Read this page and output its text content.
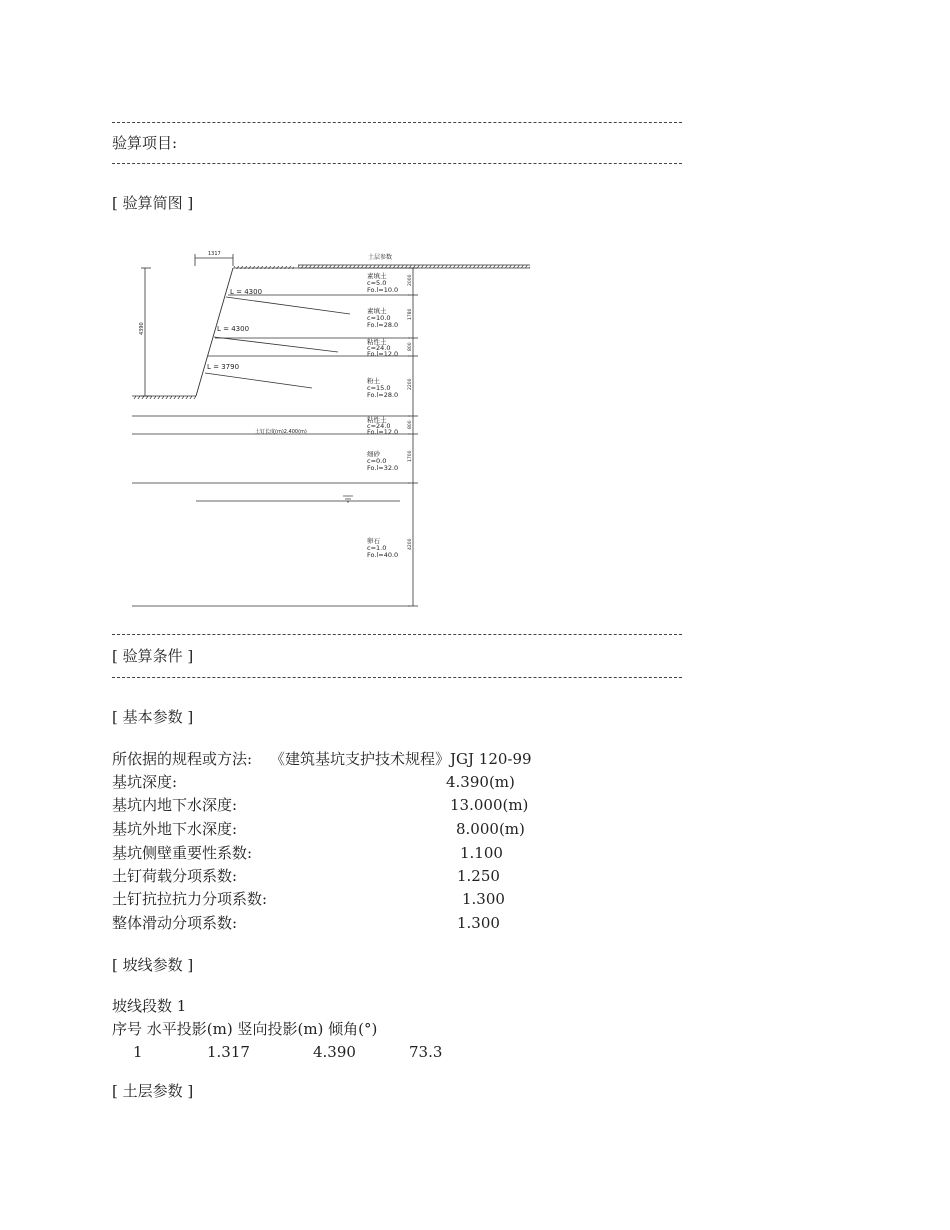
验算项目:
[ 验算简图 ]
1317
4390
土层参数
L = 4300
L = 4300
L = 3790
土钉长度(m)2.400(m)
2000
1780
800
2200
800
1700
4200
素填土
c=5.0
Fo.l=10.0
素填土
c=10.0
Fo.l=28.0
粘性土
c=24.0
Fo.l=12.0
粉土
c=15.0
Fo.l=28.0
粘性土
c=24.0
Fo.l=12.0
细砂
c=0.0
Fo.l=32.0
卵石
c=1.0
Fo.l=40.0
[ 验算条件 ]
[ 基本参数 ]
所依据的规程或方法: 《建筑基坑支护技术规程》JGJ 120-99
基坑深度:	4.390(m)
基坑内地下水深度:	13.000(m)
基坑外地下水深度:	8.000(m)
基坑侧壁重要性系数:	1.100
土钉荷载分项系数:	1.250
土钉抗拉抗力分项系数:	1.300
整体滑动分项系数:	1.300
[ 坡线参数 ]
坡线段数 1
序号 水平投影(m) 竖向投影(m) 倾角(°)
1	1.317	4.390	73.3
[ 土层参数 ]
